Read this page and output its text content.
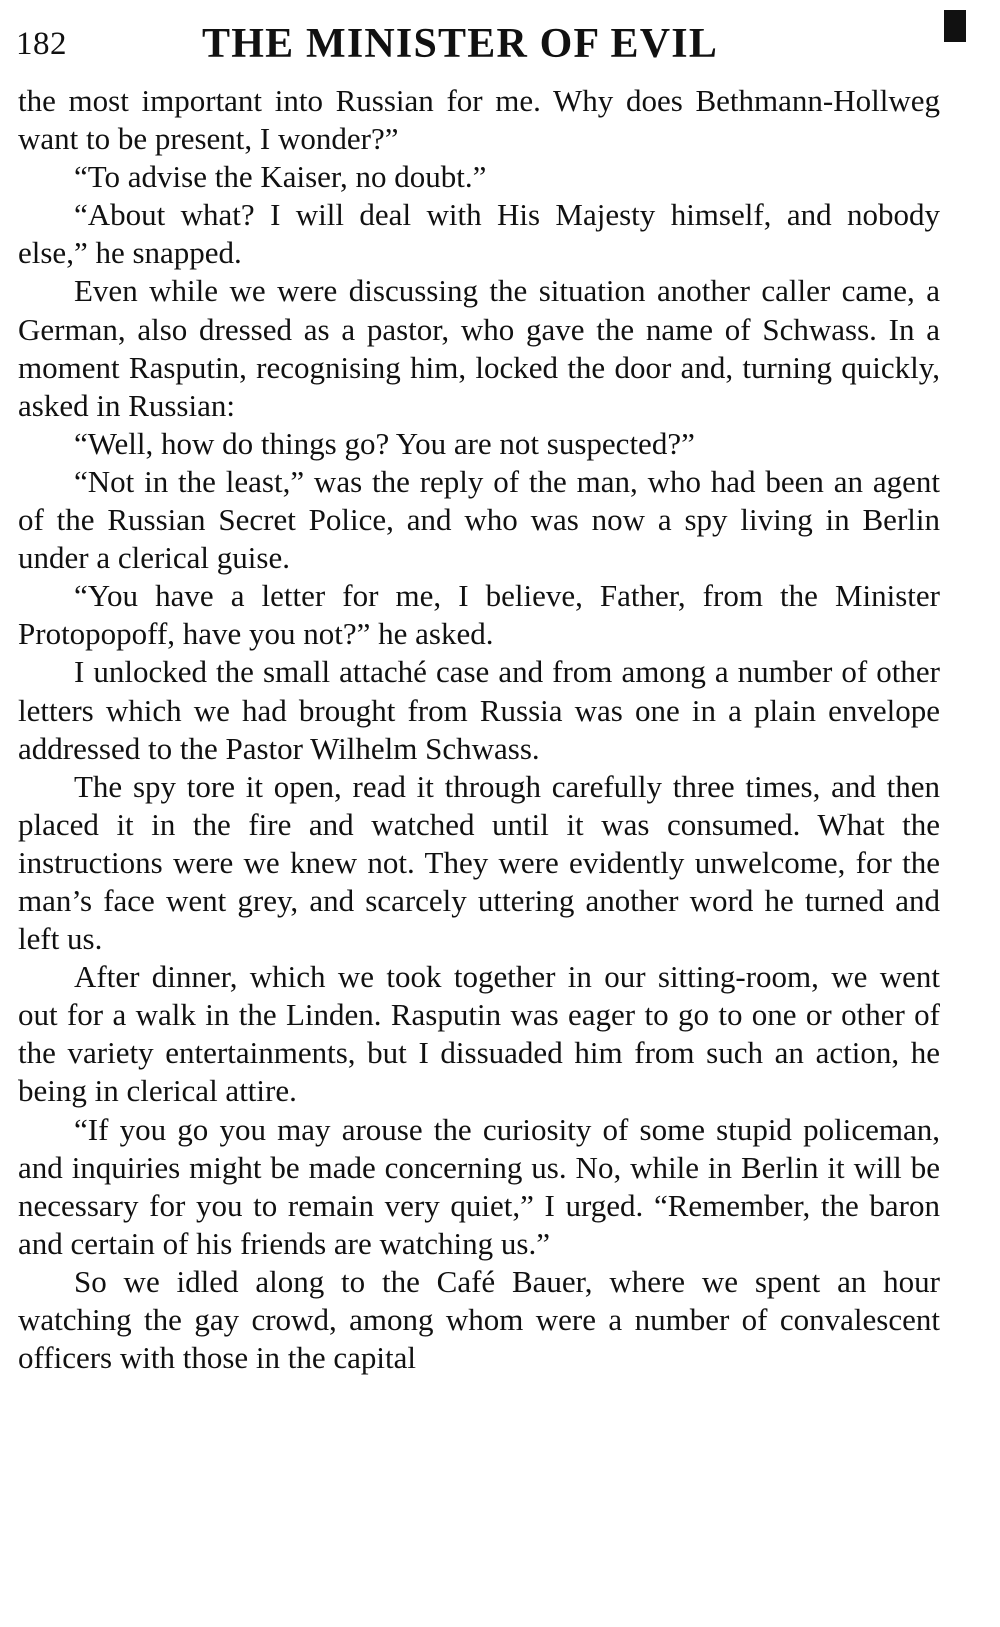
182	THE MINISTER OF EVIL

the most important into Russian for me. Why does Bethmann-Hollweg want to be present, I wonder?”

“To advise the Kaiser, no doubt.”

“About what? I will deal with His Majesty himself, and nobody else,” he snapped.

Even while we were discussing the situation another caller came, a German, also dressed as a pastor, who gave the name of Schwass. In a moment Rasputin, recognising him, locked the door and, turning quickly, asked in Russian:

“Well, how do things go? You are not suspected?”

“Not in the least,” was the reply of the man, who had been an agent of the Russian Secret Police, and who was now a spy living in Berlin under a clerical guise.

“You have a letter for me, I believe, Father, from the Minister Protopopoff, have you not?” he asked.

I unlocked the small attaché case and from among a number of other letters which we had brought from Russia was one in a plain envelope addressed to the Pastor Wilhelm Schwass.

The spy tore it open, read it through carefully three times, and then placed it in the fire and watched until it was consumed. What the instructions were we knew not. They were evidently unwelcome, for the man’s face went grey, and scarcely uttering another word he turned and left us.

After dinner, which we took together in our sitting-room, we went out for a walk in the Linden. Rasputin was eager to go to one or other of the variety entertainments, but I dissuaded him from such an action, he being in clerical attire.

“If you go you may arouse the curiosity of some stupid policeman, and inquiries might be made concerning us. No, while in Berlin it will be necessary for you to remain very quiet,” I urged. “Remember, the baron and certain of his friends are watching us.”

So we idled along to the Café Bauer, where we spent an hour watching the gay crowd, among whom were a number of convalescent officers with those in the capital
